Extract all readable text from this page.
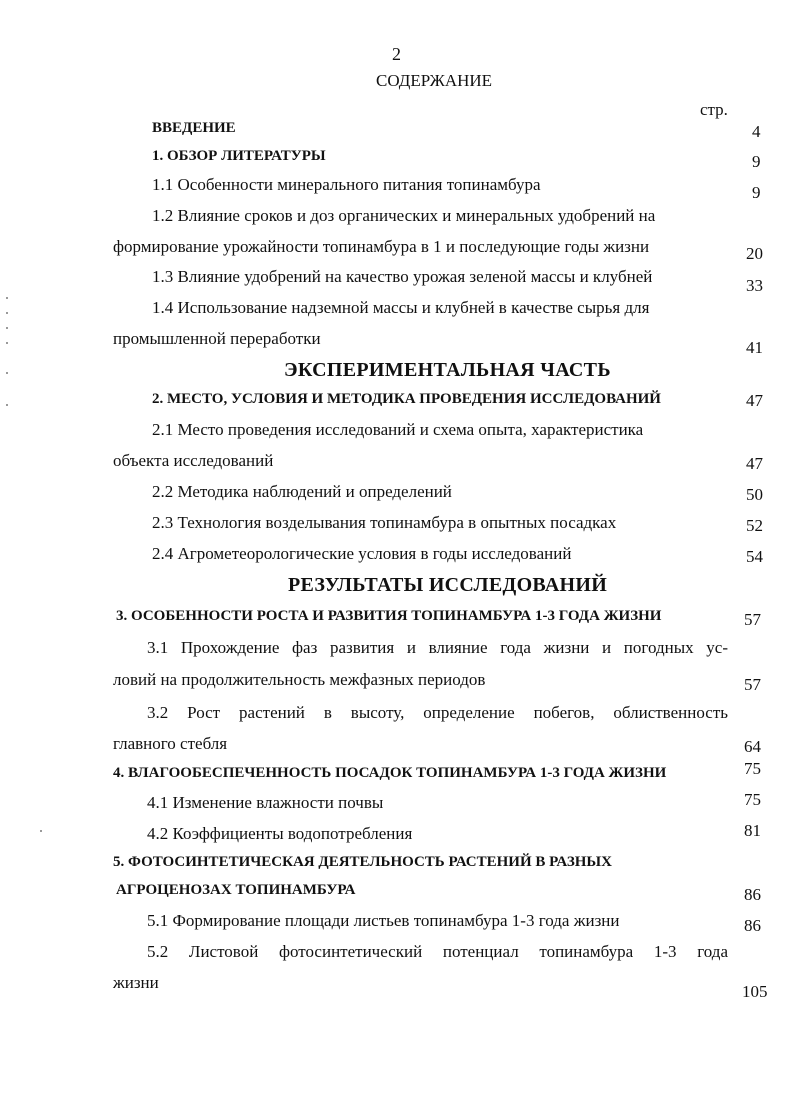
2
СОДЕРЖАНИЕ
стр.
ВВЕДЕНИЕ	4
1. ОБЗОР ЛИТЕРАТУРЫ	9
1.1 Особенности минерального питания топинамбура	9
1.2 Влияние сроков и доз органических и минеральных удобрений на
формирование урожайности топинамбура в 1 и последующие годы жизни	20
1.3 Влияние удобрений на качество урожая зеленой массы и клубней	33
1.4 Использование надземной массы и клубней в качестве сырья для
промышленной переработки	41
ЭКСПЕРИМЕНТАЛЬНАЯ ЧАСТЬ
2. МЕСТО, УСЛОВИЯ И МЕТОДИКА ПРОВЕДЕНИЯ ИССЛЕДОВАНИЙ	47
2.1 Место проведения исследований и схема опыта, характеристика
объекта исследований	47
2.2 Методика наблюдений и определений	50
2.3 Технология возделывания топинамбура в опытных посадках	52
2.4 Агрометеорологические условия в годы исследований	54
РЕЗУЛЬТАТЫ ИССЛЕДОВАНИЙ
3. ОСОБЕННОСТИ РОСТА И РАЗВИТИЯ ТОПИНАМБУРА 1-3 ГОДА ЖИЗНИ	57
3.1 Прохождение фаз развития и влияние года жизни и погодных ус-
ловий на продолжительность межфазных периодов	57
3.2 Рост растений в высоту, определение побегов, облиственность
главного стебля	64
4. ВЛАГООБЕСПЕЧЕННОСТЬ ПОСАДОК ТОПИНАМБУРА 1-3 ГОДА ЖИЗНИ	75
4.1 Изменение влажности почвы	75
4.2 Коэффициенты водопотребления	81
5. ФОТОСИНТЕТИЧЕСКАЯ ДЕЯТЕЛЬНОСТЬ РАСТЕНИЙ В РАЗНЫХ
АГРОЦЕНОЗАХ ТОПИНАМБУРА	86
5.1 Формирование площади листьев топинамбура 1-3 года жизни	86
5.2 Листовой фотосинтетический потенциал топинамбура 1-3 года
жизни	105
